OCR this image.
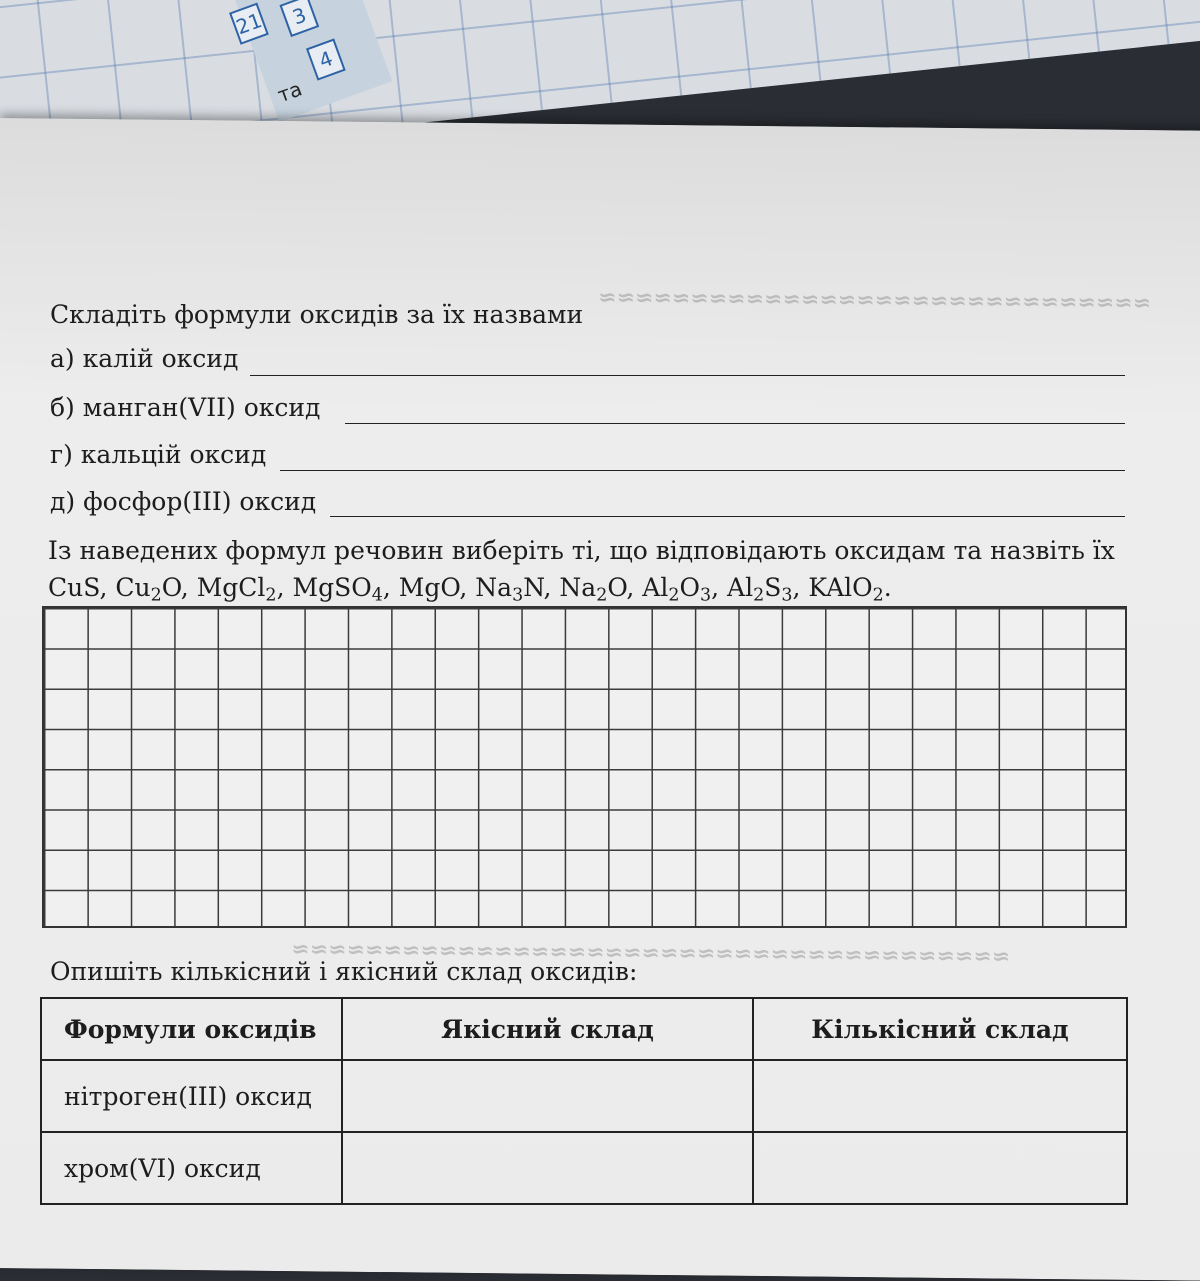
21	3
4
та
≈≈≈≈≈≈≈≈≈≈≈≈≈≈≈≈≈≈≈≈≈≈≈≈≈≈≈≈≈≈
≈≈≈≈≈≈≈≈≈≈≈≈≈≈≈≈≈≈≈≈≈≈≈≈≈≈≈≈≈≈≈≈≈≈≈≈≈≈≈
Складіть формули оксидів за їх назвами
а) калій оксид
б) манган(VII) оксид
г) кальцій оксид
д) фосфор(III) оксид
Із наведених формул речовин виберіть ті, що відповідають оксидам та назвіть їх
CuS, $Cu_2O$, MgCl$_2$, MgSO$_4$, MgO, $Na_3N$, $Na_2O$, $Al_2O_3$, $Al_2S_3$, KAlO$_2$.
Опишіть кількісний і якісний склад оксидів:
Формули оксидів	Якісний склад	Кількісний склад
нітроген(III) оксид		
хром(VI) оксид		
